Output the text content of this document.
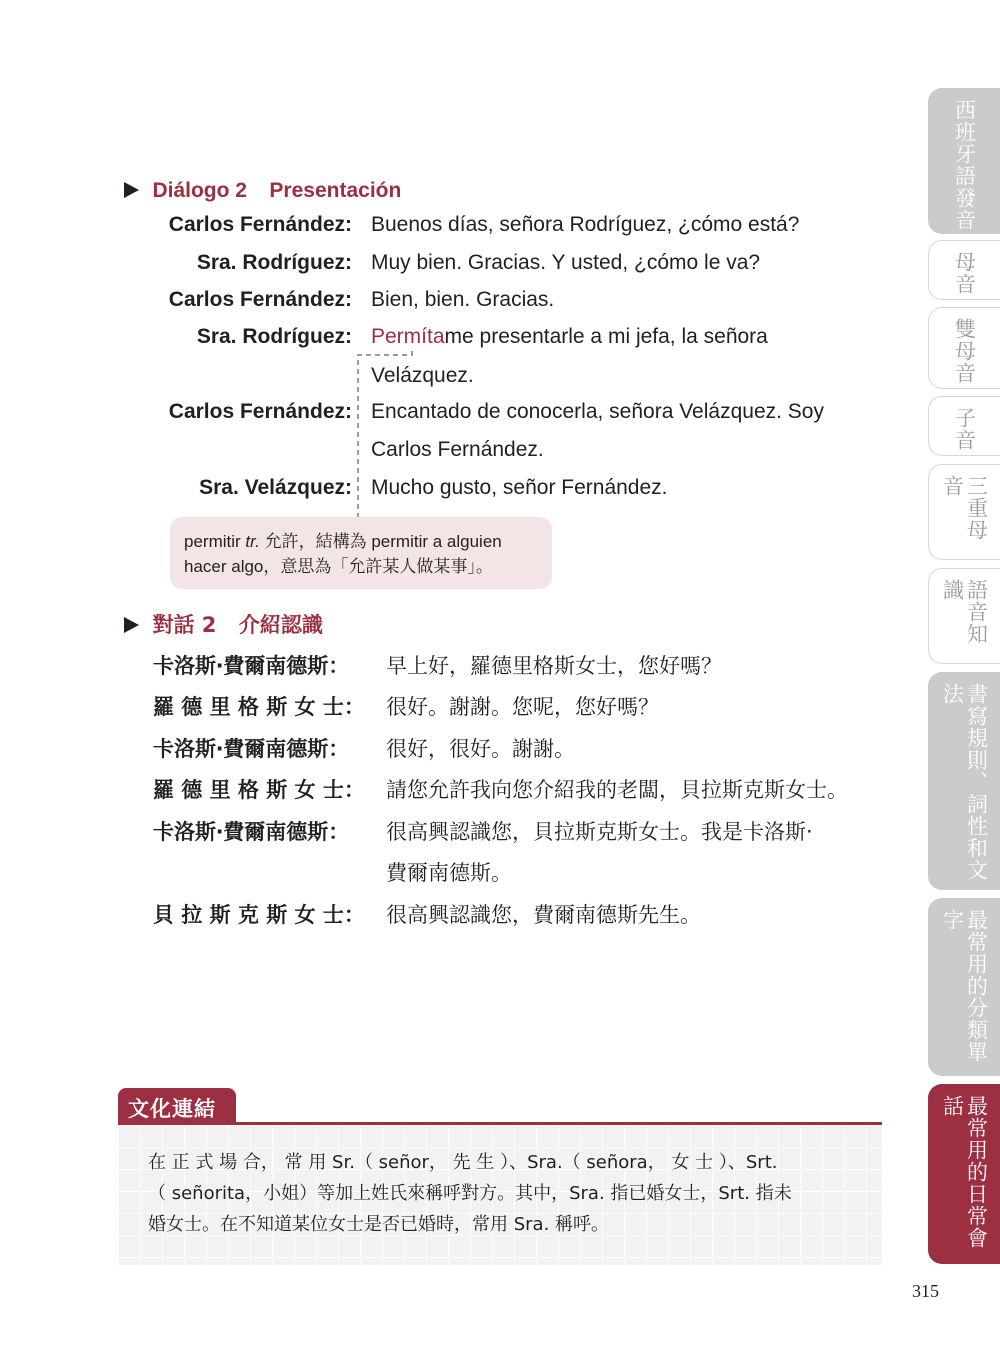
西班牙語發音
母音
雙母音
子音
三重母音
語音知識
書寫規則、詞性和文法
最常用的分類單字
最常用的日常會話
Diálogo 2 Presentación
Carlos Fernández: Buenos días, señora Rodríguez, ¿cómo está?
Sra. Rodríguez: Muy bien. Gracias. Y usted, ¿cómo le va?
Carlos Fernández: Bien, bien. Gracias.
Sra. Rodríguez: Permítame presentarle a mi jefa, la señora
Velázquez.
Carlos Fernández: Encantado de conocerla, señora Velázquez. Soy
Carlos Fernández.
Sra. Velázquez: Mucho gusto, señor Fernández.
permitir tr. 允許，結構為 permitir a alguien
hacer algo，意思為「允許某人做某事」。
對話 2 介紹認識
卡洛斯‧費爾南德斯： 早上好，羅德里格斯女士，您好嗎？
羅 德 里 格 斯 女 士： 很好。謝謝。您呢，您好嗎？
卡洛斯‧費爾南德斯： 很好，很好。謝謝。
羅 德 里 格 斯 女 士： 請您允許我向您介紹我的老闆，貝拉斯克斯女士。
卡洛斯‧費爾南德斯： 很高興認識您，貝拉斯克斯女士。我是卡洛斯‧
費爾南德斯。
貝 拉 斯 克 斯 女 士： 很高興認識您，費爾南德斯先生。
文化連結

在 正 式 場 合， 常 用 Sr.（ señor， 先 生 ）、Sra.（ señora， 女 士 ）、Srt.

（ señorita，小姐）等加上姓氏來稱呼對方。其中，Sra. 指已婚女士，Srt. 指未

婚女士。在不知道某位女士是否已婚時，常用 Sra. 稱呼。

315
